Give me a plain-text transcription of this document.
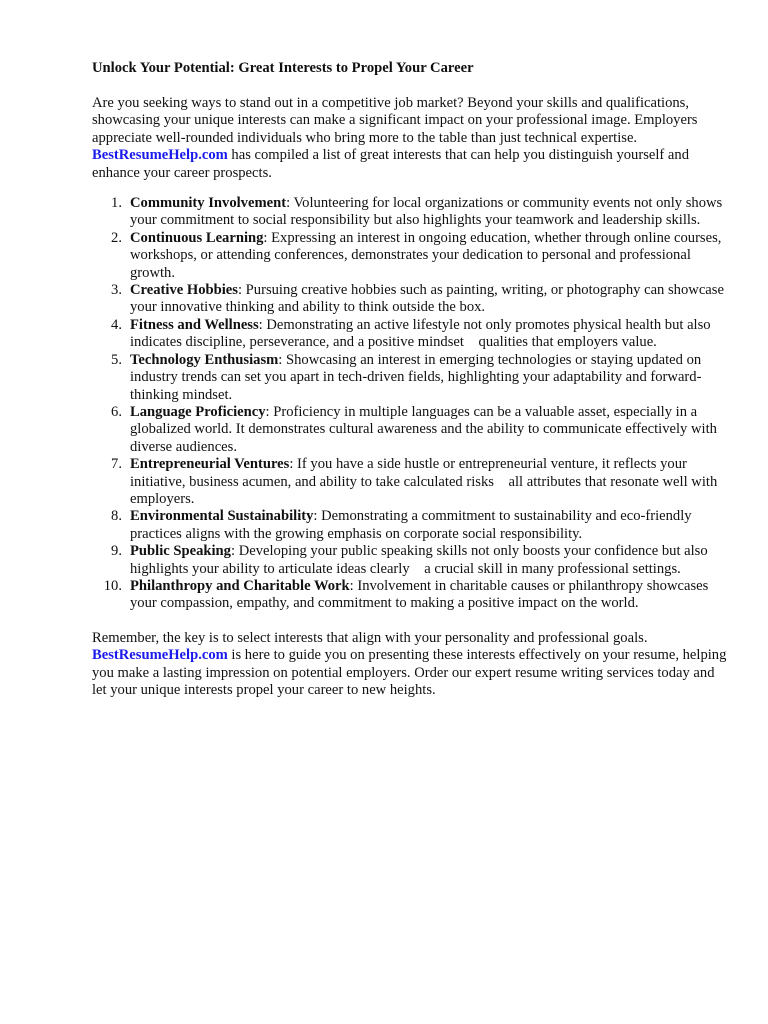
Unlock Your Potential: Great Interests to Propel Your Career

Are you seeking ways to stand out in a competitive job market? Beyond your skills and qualifications, showcasing your unique interests can make a significant impact on your professional image. Employers appreciate well-rounded individuals who bring more to the table than just technical expertise. BestResumeHelp.com has compiled a list of great interests that can help you distinguish yourself and enhance your career prospects.

1. Community Involvement: Volunteering for local organizations or community events not only shows your commitment to social responsibility but also highlights your teamwork and leadership skills.
2. Continuous Learning: Expressing an interest in ongoing education, whether through online courses, workshops, or attending conferences, demonstrates your dedication to personal and professional growth.
3. Creative Hobbies: Pursuing creative hobbies such as painting, writing, or photography can showcase your innovative thinking and ability to think outside the box.
4. Fitness and Wellness: Demonstrating an active lifestyle not only promotes physical health but also indicates discipline, perseverance, and a positive mindset    qualities that employers value.
5. Technology Enthusiasm: Showcasing an interest in emerging technologies or staying updated on industry trends can set you apart in tech-driven fields, highlighting your adaptability and forward-thinking mindset.
6. Language Proficiency: Proficiency in multiple languages can be a valuable asset, especially in a globalized world. It demonstrates cultural awareness and the ability to communicate effectively with diverse audiences.
7. Entrepreneurial Ventures: If you have a side hustle or entrepreneurial venture, it reflects your initiative, business acumen, and ability to take calculated risks    all attributes that resonate well with employers.
8. Environmental Sustainability: Demonstrating a commitment to sustainability and eco-friendly practices aligns with the growing emphasis on corporate social responsibility.
9. Public Speaking: Developing your public speaking skills not only boosts your confidence but also highlights your ability to articulate ideas clearly    a crucial skill in many professional settings.
10. Philanthropy and Charitable Work: Involvement in charitable causes or philanthropy showcases your compassion, empathy, and commitment to making a positive impact on the world.

Remember, the key is to select interests that align with your personality and professional goals. BestResumeHelp.com is here to guide you on presenting these interests effectively on your resume, helping you make a lasting impression on potential employers. Order our expert resume writing services today and let your unique interests propel your career to new heights.
